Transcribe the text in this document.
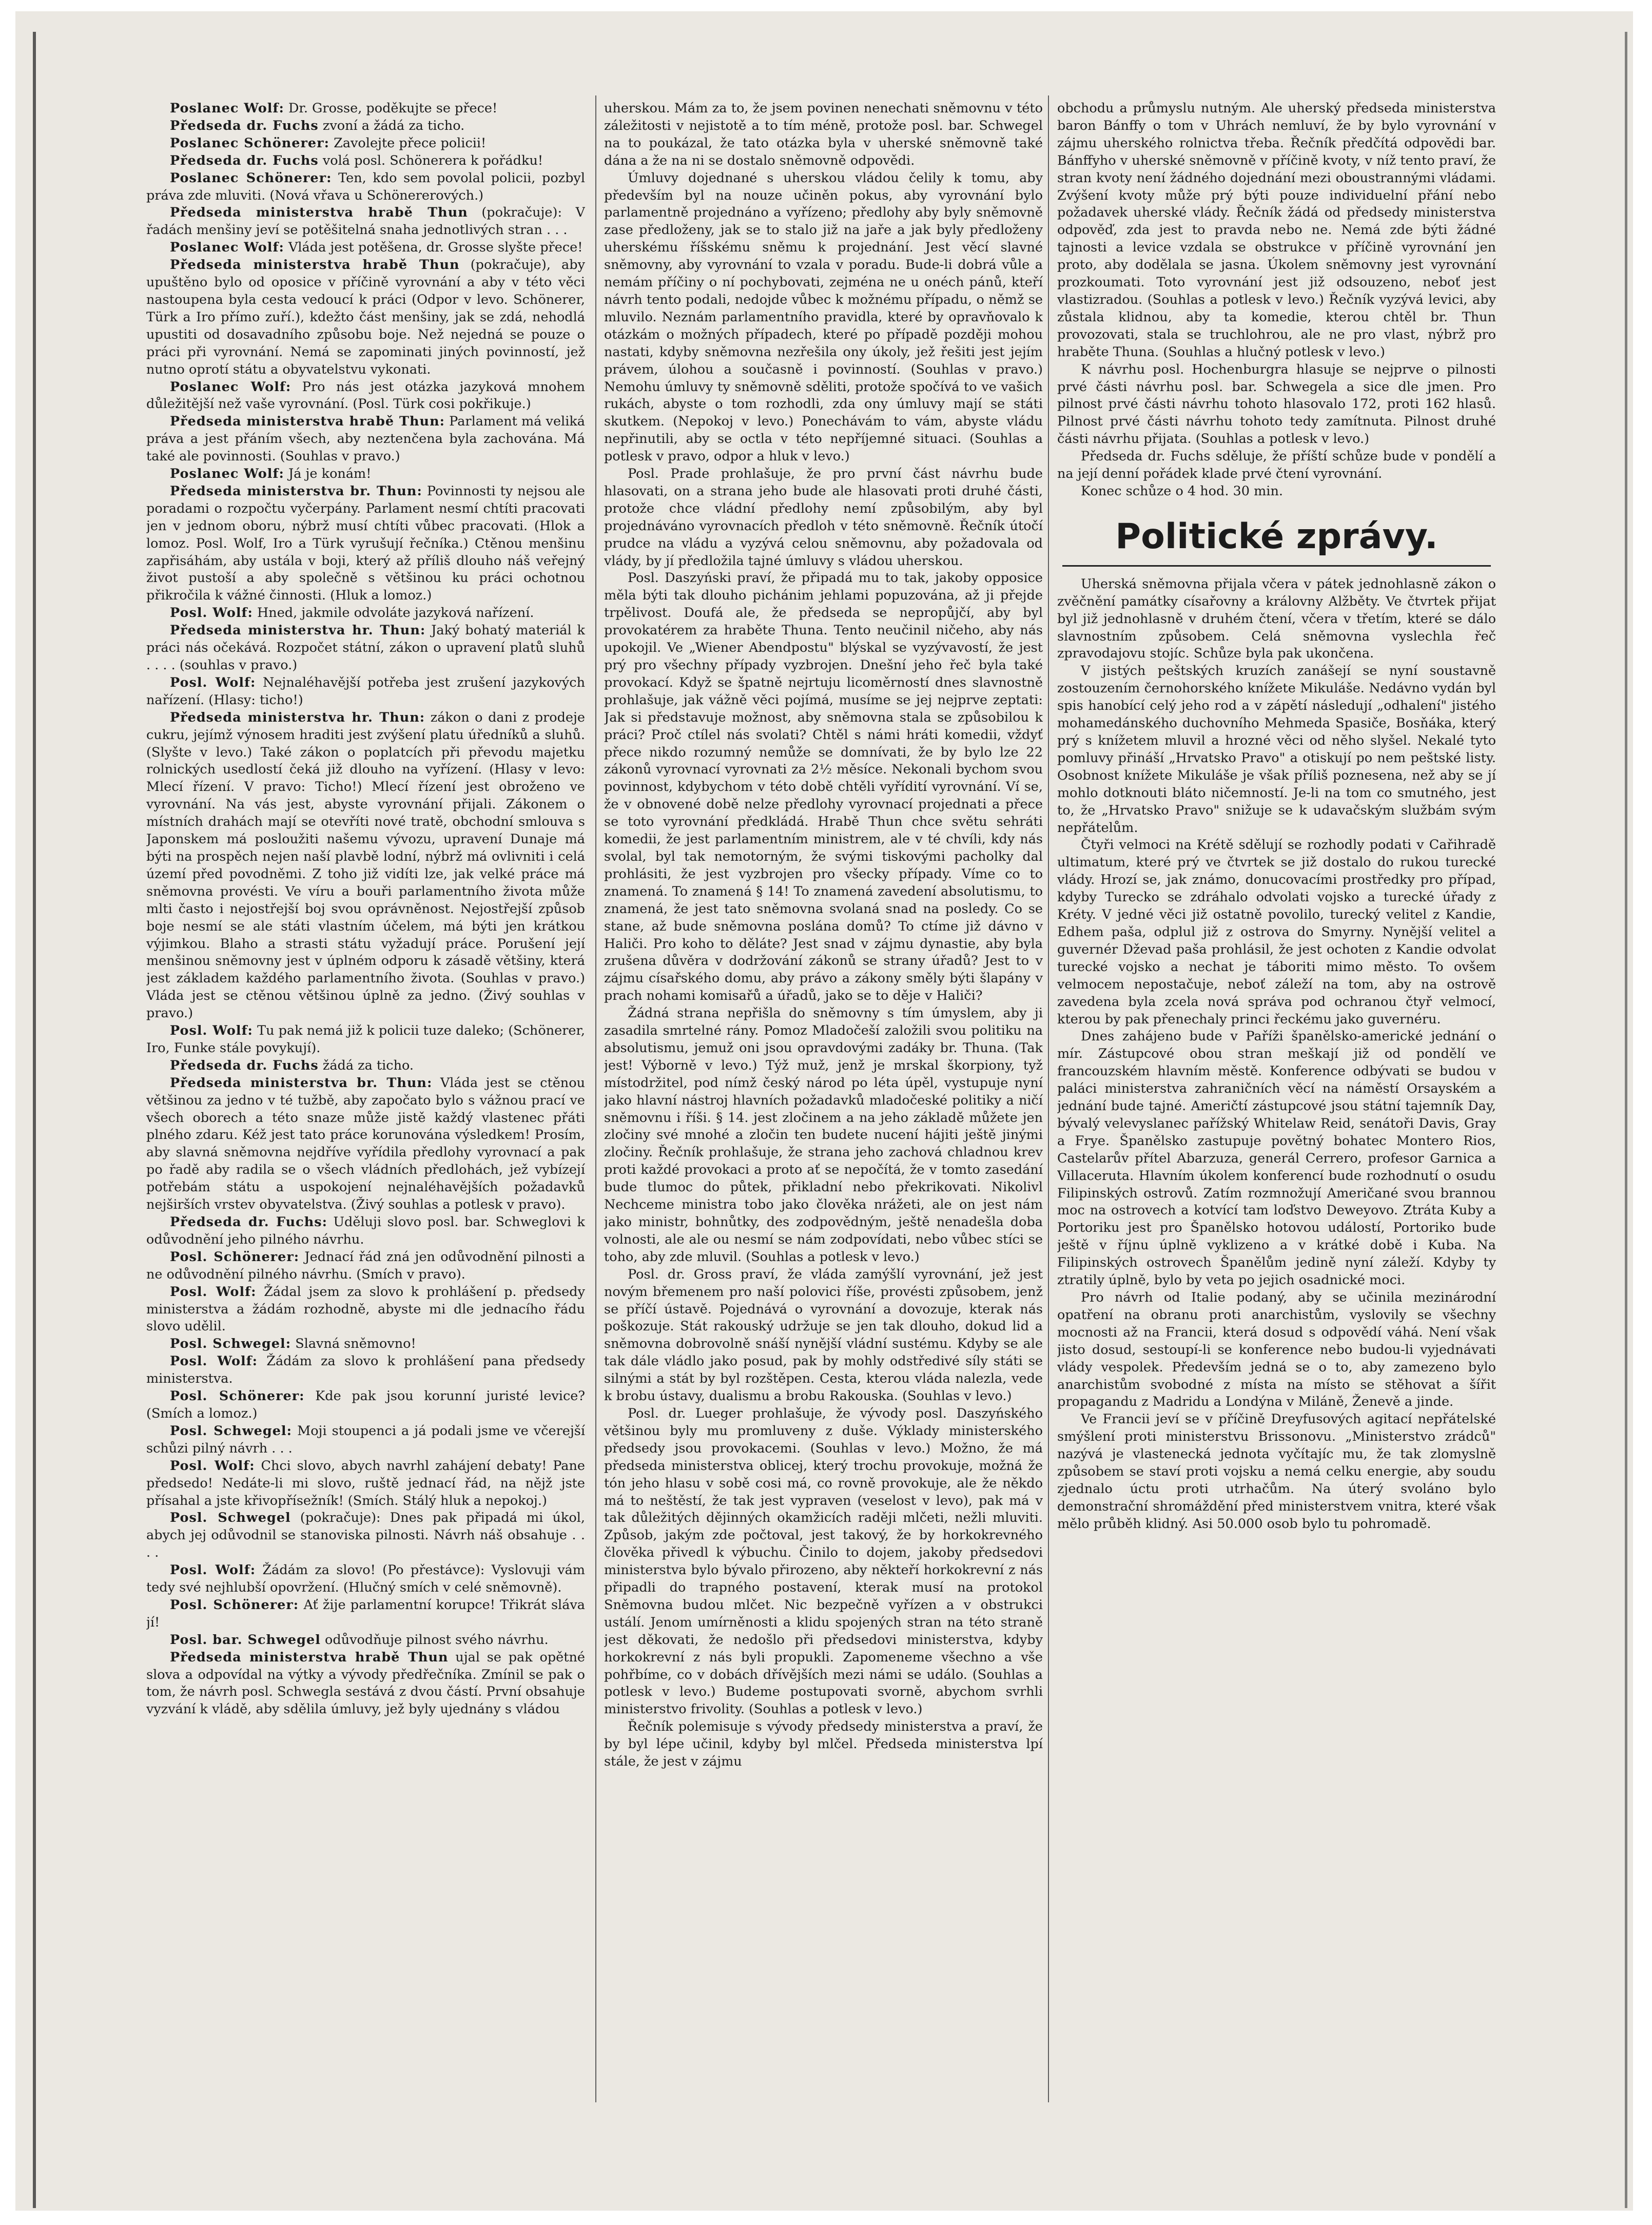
Poslanec Wolf: Dr. Grosse, poděkujte se přece!

Předseda dr. Fuchs zvoní a žádá za ticho.

Poslanec Schönerer: Zavolejte přece policii!

Předseda dr. Fuchs volá posl. Schönerera k pořádku!

Poslanec Schönerer: Ten, kdo sem povolal policii, pozbyl práva zde mluviti. (Nová vřava u Schönererových.)

Předseda ministerstva hrabě Thun (pokračuje): V řadách menšiny jeví se potěšitelná snaha jednotlivých stran . . .

Poslanec Wolf: Vláda jest potěšena, dr. Grosse slyšte přece!

Předseda ministerstva hrabě Thun (pokračuje), aby upuštěno bylo od oposice v příčině vyrovnání a aby v této věci nastoupena byla cesta vedoucí k práci (Odpor v levo. Schönerer, Türk a Iro přímo zuří.), kdežto část menšiny, jak se zdá, nehodlá upustiti od dosavadního způsobu boje. Než nejedná se pouze o práci při vyrovnání. Nemá se zapominati jiných povinností, jež nutno oprotí státu a obyvatelstvu vykonati.

Poslanec Wolf: Pro nás jest otázka jazyková mnohem důležitější než vaše vyrovnání. (Posl. Türk cosi pokřikuje.)

Předseda ministerstva hrabě Thun: Parlament má veliká práva a jest přáním všech, aby neztenčena byla zachována. Má také ale povinnosti. (Souhlas v pravo.)

Poslanec Wolf: Já je konám!

Předseda ministerstva br. Thun: Povinnosti ty nejsou ale poradami o rozpočtu vyčerpány. Parlament nesmí chtíti pracovati jen v jednom oboru, nýbrž musí chtíti vůbec pracovati. (Hlok a lomoz. Posl. Wolf, Iro a Türk vyrušují řečníka.) Ctěnou menšinu zapřisáhám, aby ustála v boji, který až příliš dlouho náš veřejný život pustoší a aby společně s většinou ku práci ochotnou přikročila k vážné činnosti. (Hluk a lomoz.)

Posl. Wolf: Hned, jakmile odvoláte jazyková nařízení.

Předseda ministerstva hr. Thun: Jaký bohatý materiál k práci nás očekává. Rozpočet státní, zákon o upravení platů sluhů . . . . (souhlas v pravo.)

Posl. Wolf: Nejnaléhavější potřeba jest zrušení jazykových nařízení. (Hlasy: ticho!)

Předseda ministerstva hr. Thun: zákon o dani z prodeje cukru, jejímž výnosem hraditi jest zvýšení platu úředníků a sluhů. (Slyšte v levo.) Také zákon o poplatcích při převodu majetku rolnických usedlostí čeká již dlouho na vyřízení. (Hlasy v levo: Mlecí řízení. V pravo: Ticho!) Mlecí řízení jest obroženo ve vyrovnání. Na vás jest, abyste vyrovnání přijali. Zákonem o místních drahách mají se otevříti nové tratě, obchodní smlouva s Japonskem má posloužiti našemu vývozu, upravení Dunaje má býti na prospěch nejen naší plavbě lodní, nýbrž má ovlivniti i celá území před povodněmi. Z toho již vidíti lze, jak velké práce má sněmovna provésti. Ve víru a bouři parlamentního života může mlti často i nejostřejší boj svou oprávněnost. Nejostřejší způsob boje nesmí se ale státi vlastním účelem, má býti jen krátkou výjimkou. Blaho a strasti státu vyžadují práce. Porušení její menšinou sněmovny jest v úplném odporu k zásadě většiny, která jest základem každého parlamentního života. (Souhlas v pravo.) Vláda jest se ctěnou většinou úplně za jedno. (Živý souhlas v pravo.)

Posl. Wolf: Tu pak nemá již k policii tuze daleko; (Schönerer, Iro, Funke stále povykují).

Předseda dr. Fuchs žádá za ticho.

Předseda ministerstva br. Thun: Vláda jest se ctěnou většinou za jedno v té tužbě, aby započato bylo s vážnou prací ve všech oborech a této snaze může jistě každý vlastenec přáti plného zdaru. Kéž jest tato práce korunována výsledkem! Prosím, aby slavná sněmovna nejdříve vyřídila předlohy vyrovnací a pak po řadě aby radila se o všech vládních předlohách, jež vybízejí potřebám státu a uspokojení nejnaléhavějších požadavků nejširších vrstev obyvatelstva. (Živý souhlas a potlesk v pravo).

Předseda dr. Fuchs: Uděluji slovo posl. bar. Schweglovi k odůvodnění jeho pilného návrhu.

Posl. Schönerer: Jednací řád zná jen odůvodnění pilnosti a ne odůvodnění pilného návrhu. (Smích v pravo).

Posl. Wolf: Žádal jsem za slovo k prohlášení p. předsedy ministerstva a žádám rozhodně, abyste mi dle jednacího řádu slovo udělil.

Posl. Schwegel: Slavná sněmovno!

Posl. Wolf: Žádám za slovo k prohlášení pana předsedy ministerstva.

Posl. Schönerer: Kde pak jsou korunní juristé levice? (Smích a lomoz.)

Posl. Schwegel: Moji stoupenci a já podali jsme ve včerejší schůzi pilný návrh . . .

Posl. Wolf: Chci slovo, abych navrhl zahájení debaty! Pane předsedo! Nedáte-li mi slovo, ruště jednací řád, na nějž jste přísahal a jste křivopřísežník! (Smích. Stálý hluk a nepokoj.)

Posl. Schwegel (pokračuje): Dnes pak připadá mi úkol, abych jej odůvodnil se stanoviska pilnosti. Návrh náš obsahuje . . . .

Posl. Wolf: Žádám za slovo! (Po přestávce): Vyslovuji vám tedy své nejhlubší opovržení. (Hlučný smích v celé sněmovně).

Posl. Schönerer: Ať žije parlamentní korupce! Třikrát sláva jí!

Posl. bar. Schwegel odůvodňuje pilnost svého návrhu.

Předseda ministerstva hrabě Thun ujal se pak opětné slova a odpovídal na výtky a vývody předřečníka. Zmínil se pak o tom, že návrh posl. Schwegla sestává z dvou částí. První obsahuje vyzvání k vládě, aby sdělila úmluvy, jež byly ujednány s vládou

uherskou. Mám za to, že jsem povinen nenechati sněmovnu v této záležitosti v nejistotě a to tím méně, protože posl. bar. Schwegel na to poukázal, že tato otázka byla v uherské sněmovně také dána a že na ni se dostalo sněmovně odpovědi.

Úmluvy dojednané s uherskou vládou čelily k tomu, aby především byl na nouze učiněn pokus, aby vyrovnání bylo parlamentně projednáno a vyřízeno; předlohy aby byly sněmovně zase předloženy, jak se to stalo již na jaře a jak byly předloženy uherskému říšskému sněmu k projednání. Jest věcí slavné sněmovny, aby vyrovnání to vzala v poradu. Bude-li dobrá vůle a nemám příčiny o ní pochybovati, zejména ne u onéch pánů, kteří návrh tento podali, nedojde vůbec k možnému případu, o němž se mluvilo. Neznám parlamentního pravidla, které by opravňovalo k otázkám o možných případech, které po případě později mohou nastati, kdyby sněmovna nezřešila ony úkoly, jež řešiti jest jejím právem, úlohou a současně i povinností. (Souhlas v pravo.) Nemohu úmluvy ty sněmovně sděliti, protože spočívá to ve vašich rukách, abyste o tom rozhodli, zda ony úmluvy mají se státi skutkem. (Nepokoj v levo.) Ponechávám to vám, abyste vládu nepřinutili, aby se octla v této nepříjemné situaci. (Souhlas a potlesk v pravo, odpor a hluk v levo.)

Posl. Prade prohlašuje, že pro první část návrhu bude hlasovati, on a strana jeho bude ale hlasovati proti druhé části, protože chce vládní předlohy nemí způsobilým, aby byl projednáváno vyrovnacích předloh v této sněmovně. Řečník útočí prudce na vládu a vyzývá celou sněmovnu, aby požadovala od vlády, by jí předložila tajné úmluvy s vládou uherskou.

Posl. Daszyński praví, že připadá mu to tak, jakoby opposice měla býti tak dlouho pichánim jehlami popuzována, až ji přejde trpělivost. Doufá ale, že předseda se nepropůjčí, aby byl provokatérem za hraběte Thuna. Tento neučinil ničeho, aby nás upokojil. Ve „Wiener Abendpostu" blýskal se vyzývavostí, že jest prý pro všechny případy vyzbrojen. Dnešní jeho řeč byla také provokací. Když se špatně nejrtuju licoměrností dnes slavnostně prohlašuje, jak vážně věci pojímá, musíme se jej nejprve zeptati: Jak si představuje možnost, aby sněmovna stala se způsobilou k práci? Proč ctílel nás svolati? Chtěl s námi hráti komedii, vždyť přece nikdo rozumný nemůže se domnívati, že by bylo lze 22 zákonů vyrovnací vyrovnati za 2½ měsíce. Nekonali bychom svou povinnost, kdybychom v této době chtěli vyřídití vyrovnání. Ví se, že v obnovené době nelze předlohy vyrovnací projednati a přece se toto vyrovnání předkládá. Hrabě Thun chce světu sehráti komedii, že jest parlamentním ministrem, ale v té chvíli, kdy nás svolal, byl tak nemotorným, že svými tiskovými pacholky dal prohlásiti, že jest vyzbrojen pro všecky případy. Víme co to znamená. To znamená § 14! To znamená zavedení absolutismu, to znamená, že jest tato sněmovna svolaná snad na posledy. Co se stane, až bude sněmovna poslána domů? To ctíme již dávno v Haliči. Pro koho to děláte? Jest snad v zájmu dynastie, aby byla zrušena důvěra v dodržování zákonů se strany úřadů? Jest to v zájmu císařského domu, aby právo a zákony směly býti šlapány v prach nohami komisařů a úřadů, jako se to děje v Haliči?

Žádná strana nepřišla do sněmovny s tím úmyslem, aby ji zasadila smrtelné rány. Pomoz Mladočeší založili svou politiku na absolutismu, jemuž oni jsou opravdovými zadáky br. Thuna. (Tak jest! Výborně v levo.) Týž muž, jenž je mrskal škorpiony, tyž místodržitel, pod nímž český národ po léta úpěl, vystupuje nyní jako hlavní nástroj hlavních požadavků mladočeské politiky a ničí sněmovnu i říši. § 14. jest zločinem a na jeho základě můžete jen zločiny své mnohé a zločin ten budete nucení hájiti ještě jinými zločiny. Řečník prohlašuje, že strana jeho zachová chladnou krev proti každé provokaci a proto ať se nepočítá, že v tomto zasedání bude tlumoc do půtek, přikladní nebo překrikovati. Nikolivl Nechceme ministra tobo jako člověka nrážeti, ale on jest nám jako ministr, bohnůtky, des zodpovědným, ještě nenadešla doba volnosti, ale ale ou nesmí se nám zodpovídati, nebo vůbec stíci se toho, aby zde mluvil. (Souhlas a potlesk v levo.)

Posl. dr. Gross praví, že vláda zamýšlí vyrovnání, jež jest novým břemenem pro naší polovici říše, provésti způsobem, jenž se příčí ústavě. Pojednává o vyrovnání a dovozuje, kterak nás poškozuje. Stát rakouský udržuje se jen tak dlouho, dokud lid a sněmovna dobrovolně snáší nynější vládní sustému. Kdyby se ale tak dále vládlo jako posud, pak by mohly odstředivé síly státi se silnými a stát by byl rozštěpen. Cesta, kterou vláda nalezla, vede k brobu ústavy, dualismu a brobu Rakouska. (Souhlas v levo.)

Posl. dr. Lueger prohlašuje, že vývody posl. Daszyńského většinou byly mu promluveny z duše. Výklady ministerského předsedy jsou provokacemi. (Souhlas v levo.) Možno, že má předseda ministerstva oblicej, který trochu provokuje, možná že tón jeho hlasu v sobě cosi má, co rovně provokuje, ale že někdo má to neštěstí, že tak jest vypraven (veselost v levo), pak má v tak důležitých dějinných okamžicích raději mlčeti, nežli mluviti. Způsob, jakým zde počtoval, jest takový, že by horkokrevného člověka přivedl k výbuchu. Činilo to dojem, jakoby předsedovi ministerstva bylo bývalo přirozeno, aby někteří horkokrevní z nás připadli do trapného postavení, kterak musí na protokol Sněmovna budou mlčet. Nic bezpečně vyřízen a v obstrukci ustálí. Jenom umírněnosti a klidu spojených stran na této straně jest děkovati, že nedošlo při předsedovi ministerstva, kdyby horkokrevní z nás byli propukli. Zapomeneme všechno a vše pohřbíme, co v dobách dřívějších mezi námi se událo. (Souhlas a potlesk v levo.) Budeme postupovati svorně, abychom svrhli ministerstvo frivolity. (Souhlas a potlesk v levo.)

Řečník polemisuje s vývody předsedy ministerstva a praví, že by byl lépe učinil, kdyby byl mlčel. Předseda ministerstva lpí stále, že jest v zájmu

obchodu a průmyslu nutným. Ale uherský předseda ministerstva baron Bánffy o tom v Uhrách nemluví, že by bylo vyrovnání v zájmu uherského rolnictva třeba. Řečník předčítá odpovědi bar. Bánffyho v uherské sněmovně v příčině kvoty, v níž tento praví, že stran kvoty není žádného dojednání mezi oboustrannými vládami. Zvýšení kvoty může prý býti pouze individuelní přání nebo požadavek uherské vlády. Řečník žádá od předsedy ministerstva odpověď, zda jest to pravda nebo ne. Nemá zde býti žádné tajnosti a levice vzdala se obstrukce v příčině vyrovnání jen proto, aby dodělala se jasna. Úkolem sněmovny jest vyrovnání prozkoumati. Toto vyrovnání jest již odsouzeno, neboť jest vlastizradou. (Souhlas a potlesk v levo.) Řečník vyzývá levici, aby zůstala klidnou, aby ta komedie, kterou chtěl br. Thun provozovati, stala se truchlohrou, ale ne pro vlast, nýbrž pro hraběte Thuna. (Souhlas a hlučný potlesk v levo.)

K návrhu posl. Hochenburgra hlasuje se nejprve o pilnosti prvé části návrhu posl. bar. Schwegela a sice dle jmen. Pro pilnost prvé části návrhu tohoto hlasovalo 172, proti 162 hlasů. Pilnost prvé části návrhu tohoto tedy zamítnuta. Pilnost druhé části návrhu přijata. (Souhlas a potlesk v levo.)

Předseda dr. Fuchs sděluje, že příští schůze bude v pondělí a na její denní pořádek klade prvé čtení vyrovnání.

Konec schůze o 4 hod. 30 min.

Politické zprávy.

Uherská sněmovna přijala včera v pátek jednohlasně zákon o zvěčnění památky císařovny a královny Alžběty. Ve čtvrtek přijat byl již jednohlasně v druhém čtení, včera v třetím, které se dálo slavnostním způsobem. Celá sněmovna vyslechla řeč zpravodajovu stojíc. Schůze byla pak ukončena.

V jistých peštských kruzích zanášejí se nyní soustavně zostouzením černohorského knížete Mikuláše. Nedávno vydán byl spis hanobící celý jeho rod a v zápětí následují „odhalení" jistého mohamedánského duchovního Mehmeda Spasiče, Bosňáka, který prý s knížetem mluvil a hrozné věci od něho slyšel. Nekalé tyto pomluvy přináší „Hrvatsko Pravo" a otiskují po nem peštské listy. Osobnost knížete Mikuláše je však příliš poznesena, než aby se jí mohlo dotknouti bláto ničemností. Je-li na tom co smutného, jest to, že „Hrvatsko Pravo" snižuje se k udavačským službám svým nepřátelům.

Čtyři velmoci na Krétě sdělují se rozhodly podati v Cařihradě ultimatum, které prý ve čtvrtek se již dostalo do rukou turecké vlády. Hrozí se, jak známo, donucovacími prostředky pro případ, kdyby Turecko se zdráhalo odvolati vojsko a turecké úřady z Kréty. V jedné věci již ostatně povolilo, turecký velitel z Kandie, Edhem paša, odplul již z ostrova do Smyrny. Nynější velitel a guvernér Dževad paša prohlásil, že jest ochoten z Kandie odvolat turecké vojsko a nechat je táboriti mimo město. To ovšem velmocem nepostačuje, neboť záleží na tom, aby na ostrově zavedena byla zcela nová správa pod ochranou čtyř velmocí, kterou by pak přenechaly princi řeckému jako guvernéru.

Dnes zahájeno bude v Paříži španělsko-americké jednání o mír. Zástupcové obou stran meškají již od pondělí ve francouzském hlavním městě. Konference odbývati se budou v paláci ministerstva zahraničních věcí na náměstí Orsayském a jednání bude tajné. Američtí zástupcové jsou státní tajemník Day, bývalý velevyslanec pařížský Whitelaw Reid, senátoři Davis, Gray a Frye. Španělsko zastupuje povětný bohatec Montero Rios, Castelarův přítel Abarzuza, generál Cerrero, profesor Garnica a Villaceruta. Hlavním úkolem konferencí bude rozhodnutí o osudu Filipinských ostrovů. Zatím rozmnožují Američané svou brannou moc na ostrovech a kotvící tam loďstvo Deweyovo. Ztráta Kuby a Portoriku jest pro Španělsko hotovou událostí, Portoriko bude ještě v říjnu úplně vyklizeno a v krátké době i Kuba. Na Filipinských ostrovech Španělům jedině nyní záleží. Kdyby ty ztratily úplně, bylo by veta po jejich osadnické moci.

Pro návrh od Italie podaný, aby se učinila mezinárodní opatření na obranu proti anarchistům, vyslovily se všechny mocnosti až na Francii, která dosud s odpovědí váhá. Není však jisto dosud, sestoupí-li se konference nebo budou-li vyjednávati vlády vespolek. Především jedná se o to, aby zamezeno bylo anarchistům svobodné z místa na místo se stěhovat a šířit propagandu z Madridu a Londýna v Miláně, Ženevě a jinde.

Ve Francii jeví se v příčině Dreyfusových agitací nepřátelské smýšlení proti ministerstvu Brissonovu. „Ministerstvo zrádců" nazývá je vlastenecká jednota vyčítajíc mu, že tak zlomyslně způsobem se staví proti vojsku a nemá celku energie, aby soudu zjednalo úctu proti utrhačům. Na úterý svoláno bylo demonstrační shromáždění před ministerstvem vnitra, které však mělo průběh klidný. Asi 50.000 osob bylo tu pohromadě.
